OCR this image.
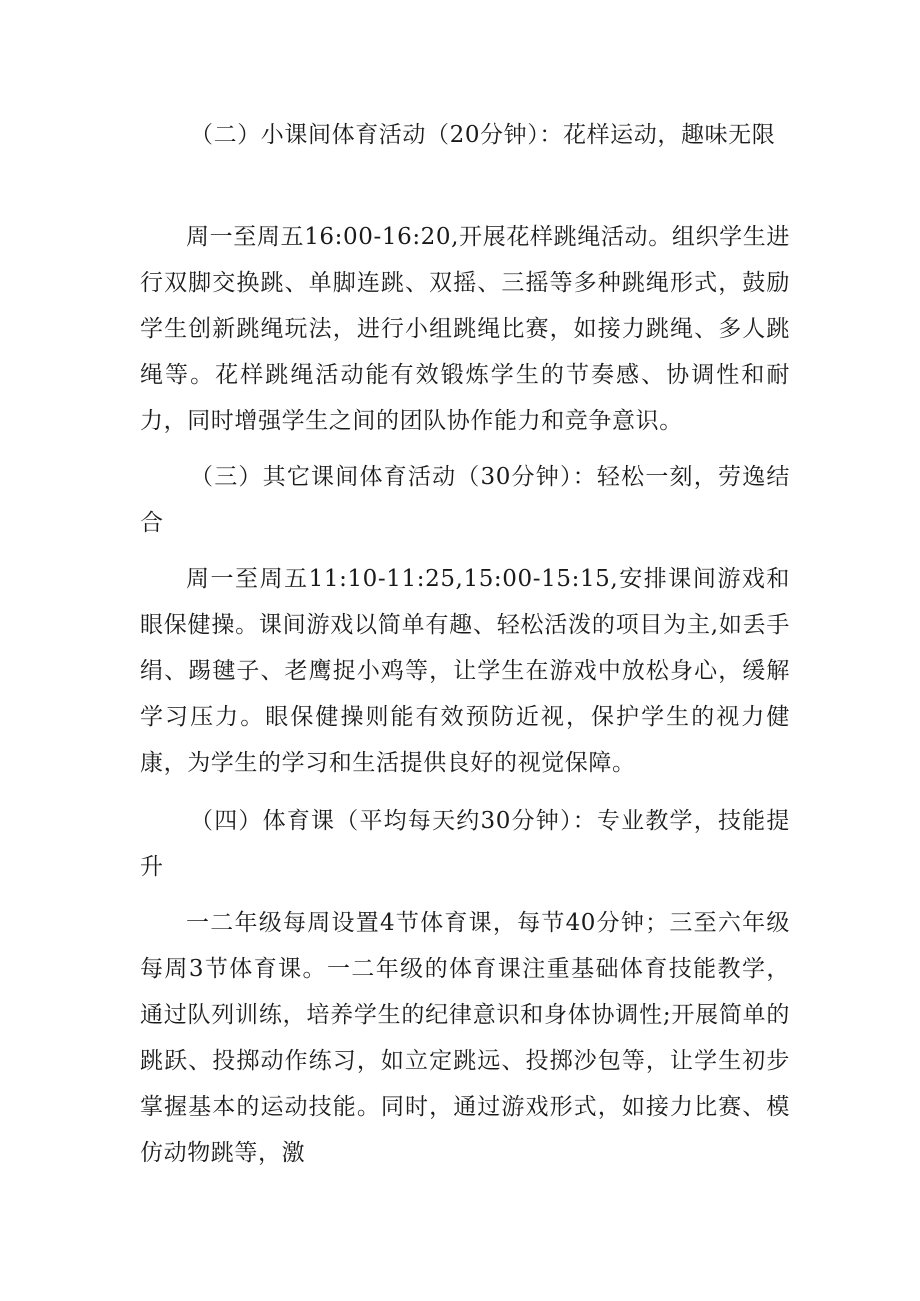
（二）小课间体育活动（20分钟）：花样运动，趣味无限

周一至周五16:00-16:20,开展花样跳绳活动。组织学生进行双脚交换跳、单脚连跳、双摇、三摇等多种跳绳形式，鼓励学生创新跳绳玩法，进行小组跳绳比赛，如接力跳绳、多人跳绳等。花样跳绳活动能有效锻炼学生的节奏感、协调性和耐力，同时增强学生之间的团队协作能力和竞争意识。

（三）其它课间体育活动（30分钟）：轻松一刻，劳逸结合

周一至周五11:10-11:25,15:00-15:15,安排课间游戏和眼保健操。课间游戏以简单有趣、轻松活泼的项目为主,如丢手绢、踢毽子、老鹰捉小鸡等，让学生在游戏中放松身心，缓解学习压力。眼保健操则能有效预防近视，保护学生的视力健康，为学生的学习和生活提供良好的视觉保障。

（四）体育课（平均每天约30分钟）：专业教学，技能提升

一二年级每周设置4节体育课，每节40分钟；三至六年级每周3节体育课。一二年级的体育课注重基础体育技能教学，通过队列训练，培养学生的纪律意识和身体协调性;开展简单的跳跃、投掷动作练习，如立定跳远、投掷沙包等，让学生初步掌握基本的运动技能。同时，通过游戏形式，如接力比赛、模仿动物跳等，激
